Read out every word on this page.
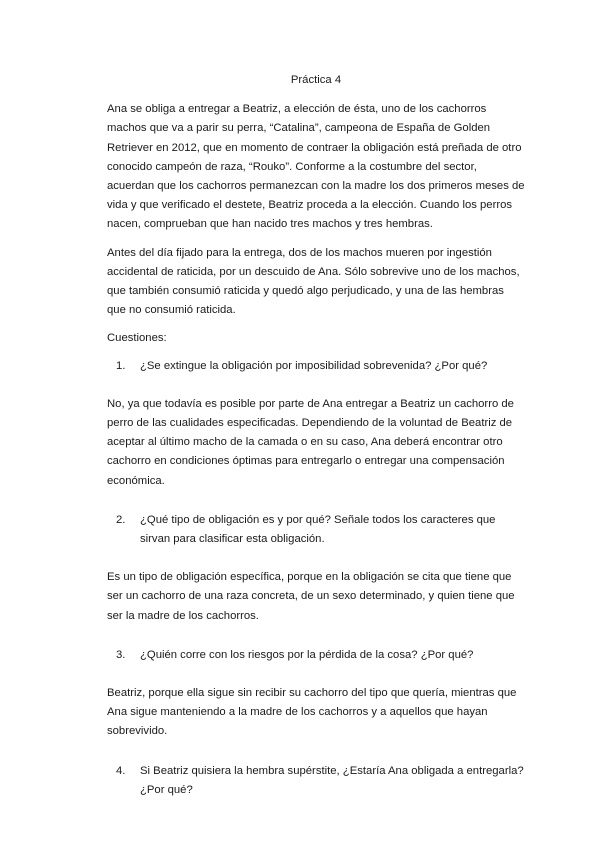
Práctica 4

Ana se obliga a entregar a Beatriz, a elección de ésta, uno de los cachorros machos que va a parir su perra, “Catalina”, campeona de España de Golden Retriever en 2012, que en momento de contraer la obligación está preñada de otro conocido campeón de raza, “Rouko”. Conforme a la costumbre del sector, acuerdan que los cachorros permanezcan con la madre los dos primeros meses de vida y que verificado el destete, Beatriz proceda a la elección. Cuando los perros nacen, comprueban que han nacido tres machos y tres hembras.

Antes del día fijado para la entrega, dos de los machos mueren por ingestión accidental de raticida, por un descuido de Ana. Sólo sobrevive uno de los machos, que también consumió raticida y quedó algo perjudicado, y una de las hembras que no consumió raticida.

Cuestiones:

1.	¿Se extingue la obligación por imposibilidad sobrevenida? ¿Por qué?

No, ya que todavía es posible por parte de Ana entregar a Beatriz un cachorro de perro de las cualidades especificadas. Dependiendo de la voluntad de Beatriz de aceptar al último macho de la camada o en su caso, Ana deberá encontrar otro cachorro en condiciones óptimas para entregarlo o entregar una compensación económica.

2.	¿Qué tipo de obligación es y por qué? Señale todos los caracteres que sirvan para clasificar esta obligación.

Es un tipo de obligación específica, porque en la obligación se cita que tiene que ser un cachorro de una raza concreta, de un sexo determinado, y quien tiene que ser la madre de los cachorros.

3.	¿Quién corre con los riesgos por la pérdida de la cosa? ¿Por qué?

Beatriz, porque ella sigue sin recibir su cachorro del tipo que quería, mientras que Ana sigue manteniendo a la madre de los cachorros y a aquellos que hayan sobrevivido.

4.	Si Beatriz quisiera la hembra supérstite, ¿Estaría Ana obligada a entregarla? ¿Por qué?
